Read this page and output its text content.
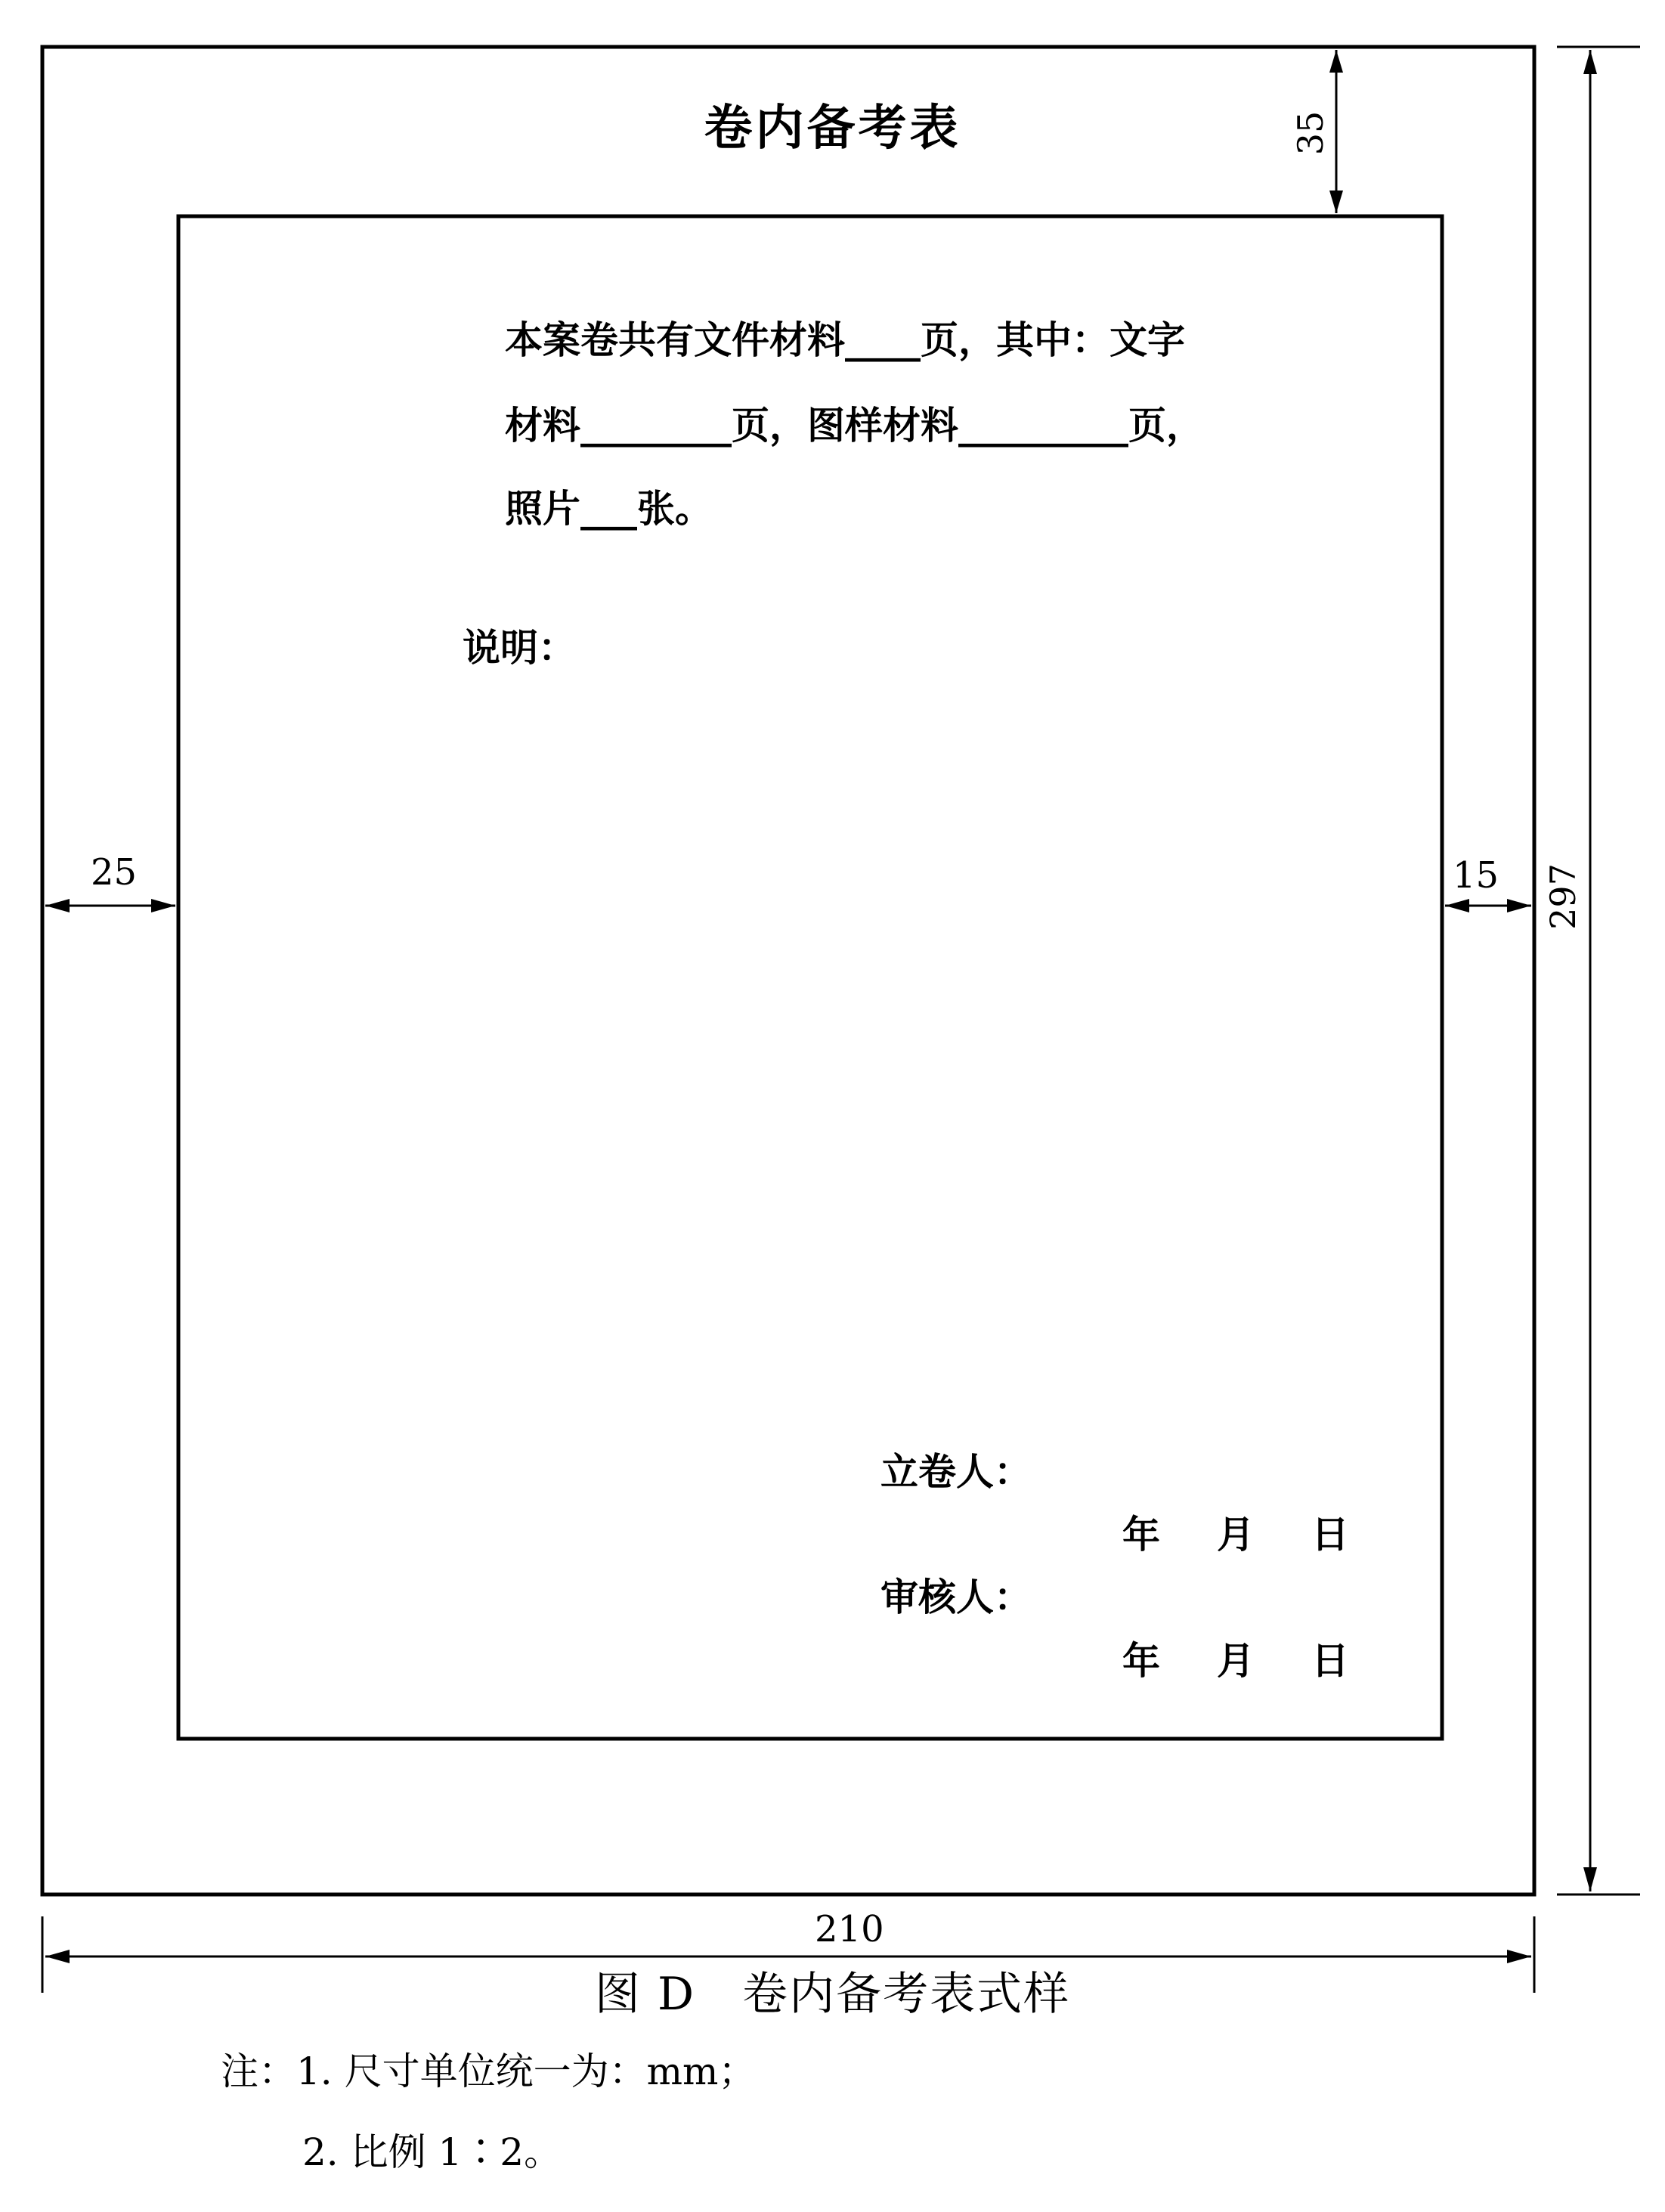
35
297
卷内备考表
本案卷共有文件材料____页，其中：文字
材料________页，图样材料_________页，
照片___张。
说明：
立卷人：
年 月 日
审核人：
年 月 日
25	15
210
图 D　卷内备考表式样
注：1. 尺寸单位统一为：mm；
2. 比例 1∶2。
